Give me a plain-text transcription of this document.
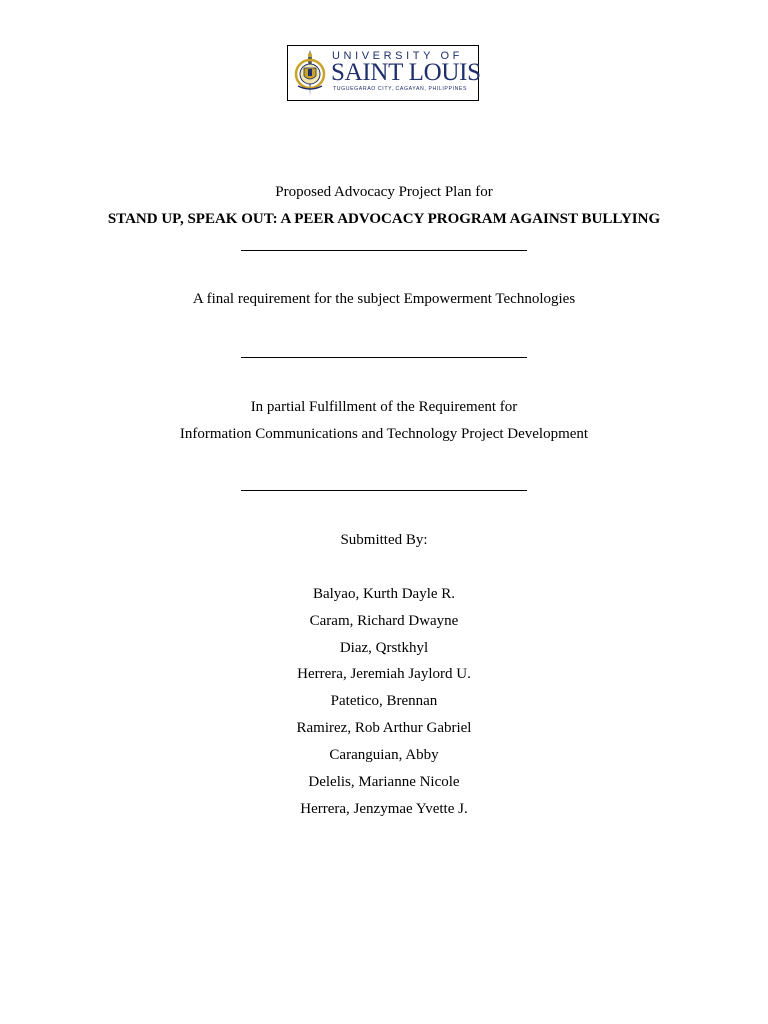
UNIVERSITY OF
SAINT LOUIS
TUGUEGARAO CITY, CAGAYAN, PHILIPPINES
Proposed Advocacy Project Plan for
STAND UP, SPEAK OUT: A PEER ADVOCACY PROGRAM AGAINST BULLYING
A final requirement for the subject Empowerment Technologies
In partial Fulfillment of the Requirement for
Information Communications and Technology Project Development
Submitted By:
Balyao, Kurth Dayle R.
Caram, Richard Dwayne
Diaz, Qrstkhyl
Herrera, Jeremiah Jaylord U.
Patetico, Brennan
Ramirez, Rob Arthur Gabriel
Caranguian, Abby
Delelis, Marianne Nicole
Herrera, Jenzymae Yvette J.
